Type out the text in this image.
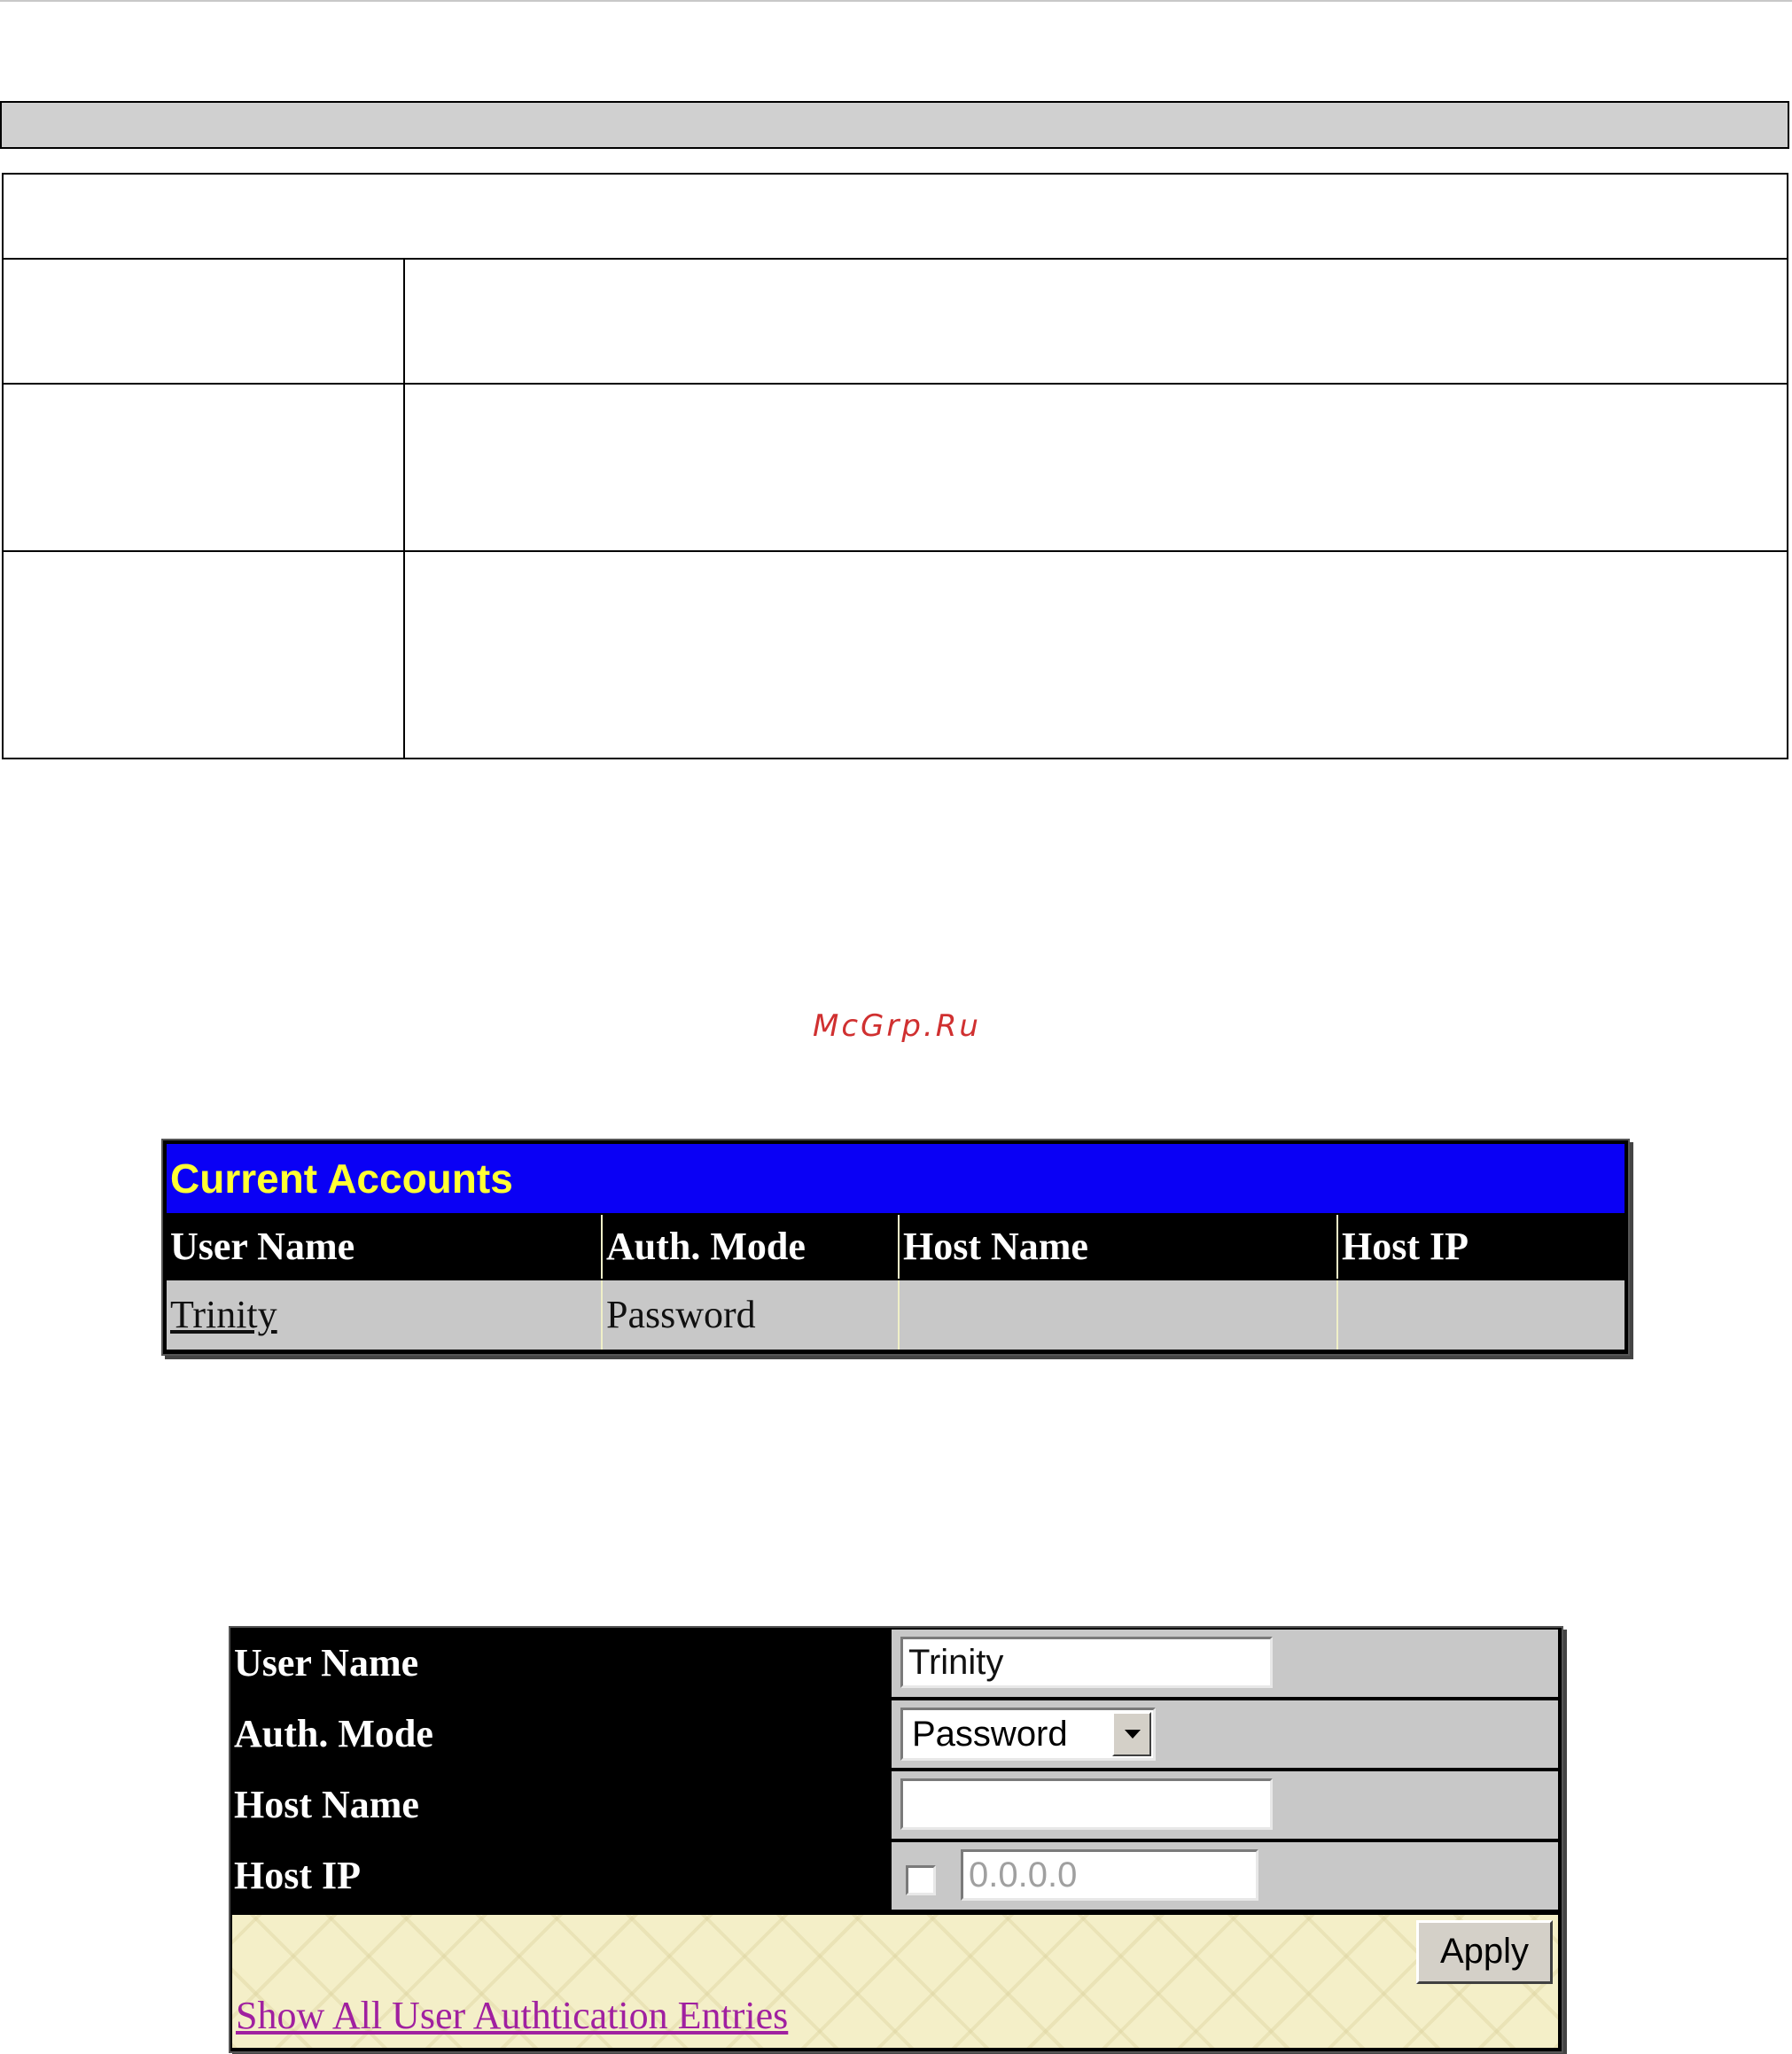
McGrp.Ru
Current Accounts
User Name	Auth. Mode	Host Name	Host IP
Trinity	Password
User Name	Trinity
Auth. Mode	Password
Host Name
Host IP	0.0.0.0
Apply
Show All User Authtication Entries
